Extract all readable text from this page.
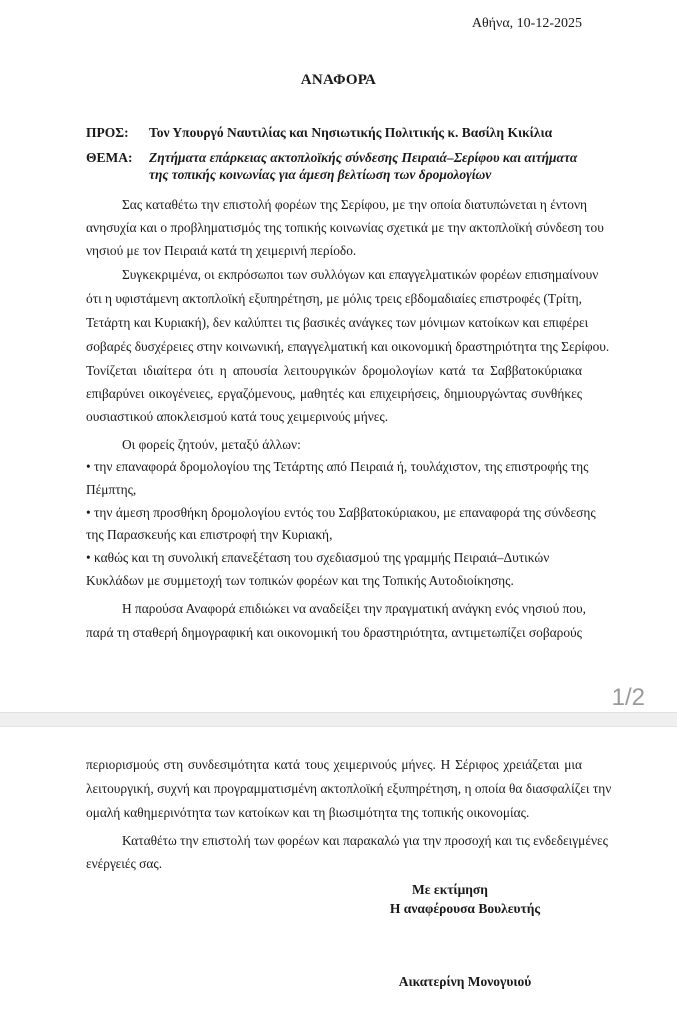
Αθήνα, 10-12-2025
ΑΝΑΦΟΡΑ
ΠΡΟΣ: Τον Υπουργό Ναυτιλίας και Νησιωτικής Πολιτικής κ. Βασίλη Κικίλια
ΘΕΜΑ: Ζητήματα επάρκειας ακτοπλοϊκής σύνδεσης Πειραιά–Σερίφου και αιτήματα
της τοπικής κοινωνίας για άμεση βελτίωση των δρομολογίων
Σας καταθέτω την επιστολή φορέων της Σερίφου, με την οποία διατυπώνεται η έντονη
ανησυχία και ο προβληματισμός της τοπικής κοινωνίας σχετικά με την ακτοπλοϊκή σύνδεση του
νησιού με τον Πειραιά κατά τη χειμερινή περίοδο.
Συγκεκριμένα, οι εκπρόσωποι των συλλόγων και επαγγελματικών φορέων επισημαίνουν
ότι η υφιστάμενη ακτοπλοϊκή εξυπηρέτηση, με μόλις τρεις εβδομαδιαίες επιστροφές (Τρίτη,
Τετάρτη και Κυριακή), δεν καλύπτει τις βασικές ανάγκες των μόνιμων κατοίκων και επιφέρει
σοβαρές δυσχέρειες στην κοινωνική, επαγγελματική και οικονομική δραστηριότητα της Σερίφου.
Τονίζεται ιδιαίτερα ότι η απουσία λειτουργικών δρομολογίων κατά τα Σαββατοκύριακα
επιβαρύνει οικογένειες, εργαζόμενους, μαθητές και επιχειρήσεις, δημιουργώντας συνθήκες
ουσιαστικού αποκλεισμού κατά τους χειμερινούς μήνες.
Οι φορείς ζητούν, μεταξύ άλλων:
• την επαναφορά δρομολογίου της Τετάρτης από Πειραιά ή, τουλάχιστον, της επιστροφής της
Πέμπτης,
• την άμεση προσθήκη δρομολογίου εντός του Σαββατοκύριακου, με επαναφορά της σύνδεσης
της Παρασκευής και επιστροφή την Κυριακή,
• καθώς και τη συνολική επανεξέταση του σχεδιασμού της γραμμής Πειραιά–Δυτικών
Κυκλάδων με συμμετοχή των τοπικών φορέων και της Τοπικής Αυτοδιοίκησης.
Η παρούσα Αναφορά επιδιώκει να αναδείξει την πραγματική ανάγκη ενός νησιού που,
παρά τη σταθερή δημογραφική και οικονομική του δραστηριότητα, αντιμετωπίζει σοβαρούς
1/2
περιορισμούς στη συνδεσιμότητα κατά τους χειμερινούς μήνες. Η Σέριφος χρειάζεται μια
λειτουργική, συχνή και προγραμματισμένη ακτοπλοϊκή εξυπηρέτηση, η οποία θα διασφαλίζει την
ομαλή καθημερινότητα των κατοίκων και τη βιωσιμότητα της τοπικής οικονομίας.
Καταθέτω την επιστολή των φορέων και παρακαλώ για την προσοχή και τις ενδεδειγμένες
ενέργειές σας.
Με εκτίμηση
Η αναφέρουσα Βουλευτής
Αικατερίνη Μονογυιού
